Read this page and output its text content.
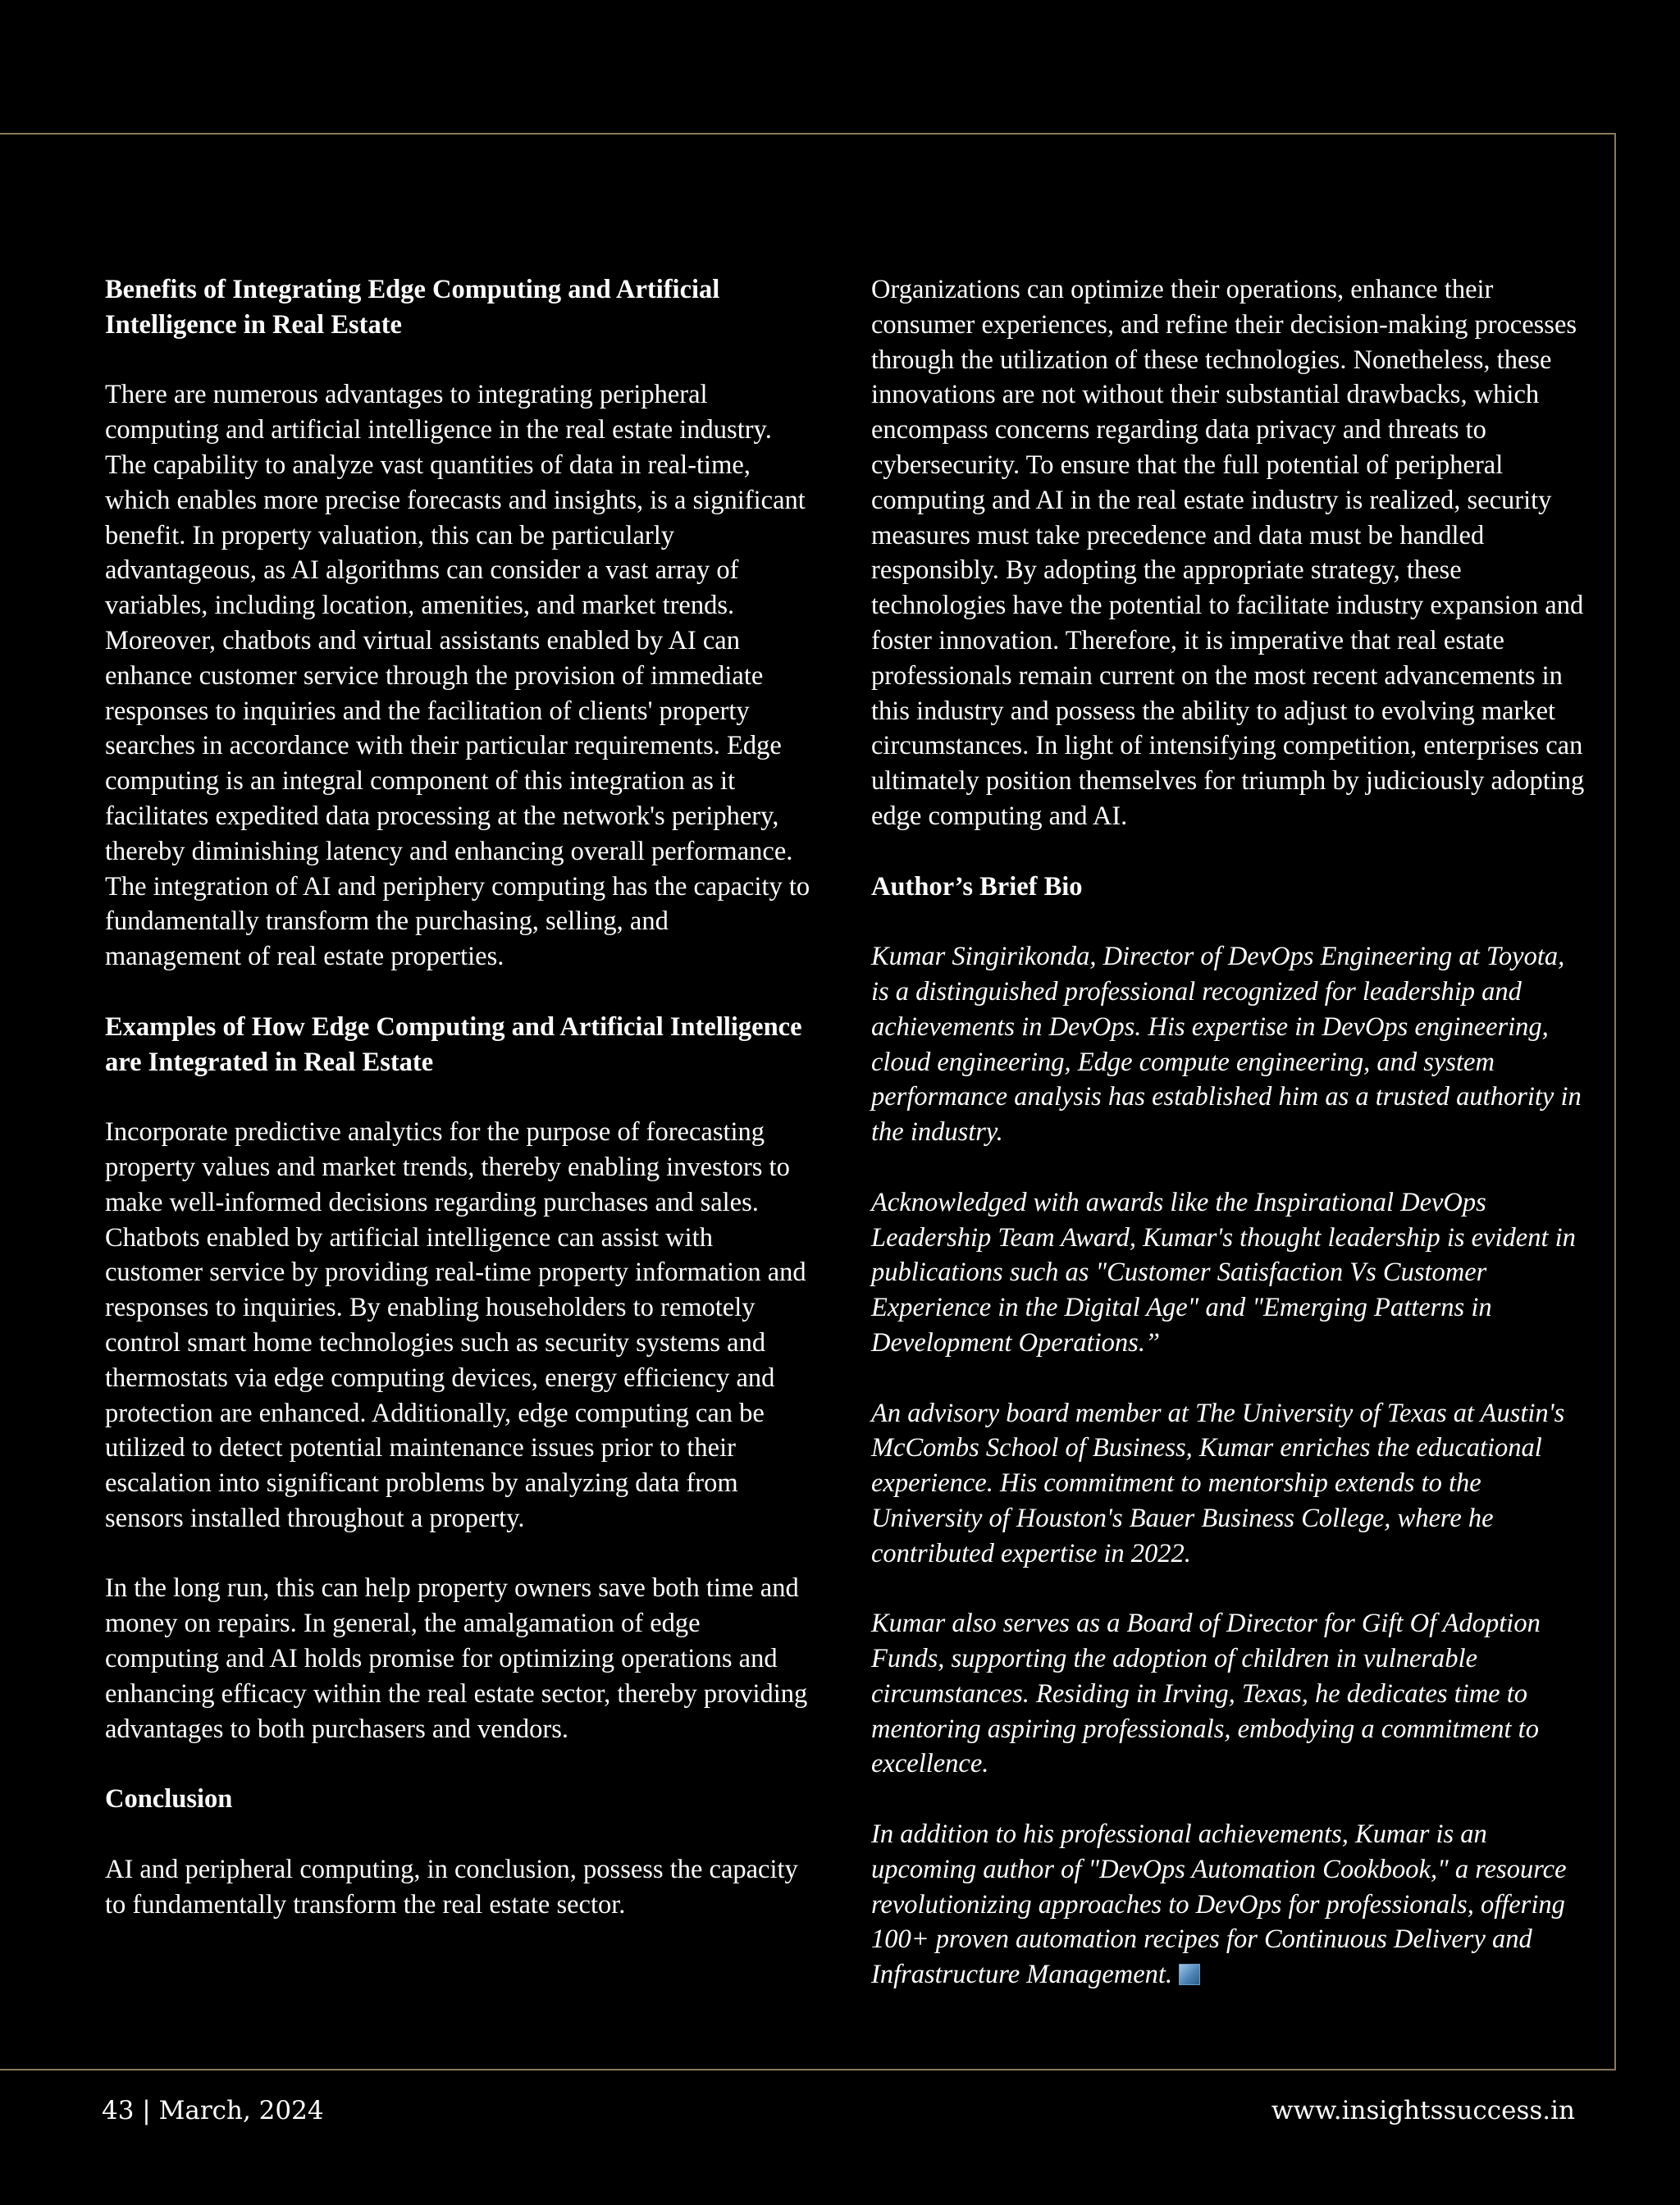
Benefits of Integrating Edge Computing and Artificial Intelligence in Real Estate

There are numerous advantages to integrating peripheral computing and artificial intelligence in the real estate industry. The capability to analyze vast quantities of data in real-time, which enables more precise forecasts and insights, is a significant benefit. In property valuation, this can be particularly advantageous, as AI algorithms can consider a vast array of variables, including location, amenities, and market trends. Moreover, chatbots and virtual assistants enabled by AI can enhance customer service through the provision of immediate responses to inquiries and the facilitation of clients' property searches in accordance with their particular requirements. Edge computing is an integral component of this integration as it facilitates expedited data processing at the network's periphery, thereby diminishing latency and enhancing overall performance. The integration of AI and periphery computing has the capacity to fundamentally transform the purchasing, selling, and management of real estate properties.

Examples of How Edge Computing and Artificial Intelligence are Integrated in Real Estate

Incorporate predictive analytics for the purpose of forecasting property values and market trends, thereby enabling investors to make well-informed decisions regarding purchases and sales. Chatbots enabled by artificial intelligence can assist with customer service by providing real-time property information and responses to inquiries. By enabling householders to remotely control smart home technologies such as security systems and thermostats via edge computing devices, energy efficiency and protection are enhanced. Additionally, edge computing can be utilized to detect potential maintenance issues prior to their escalation into significant problems by analyzing data from sensors installed throughout a property.

In the long run, this can help property owners save both time and money on repairs. In general, the amalgamation of edge computing and AI holds promise for optimizing operations and enhancing efficacy within the real estate sector, thereby providing advantages to both purchasers and vendors.

Conclusion

AI and peripheral computing, in conclusion, possess the capacity to fundamentally transform the real estate sector.

Organizations can optimize their operations, enhance their consumer experiences, and refine their decision-making processes through the utilization of these technologies. Nonetheless, these innovations are not without their substantial drawbacks, which encompass concerns regarding data privacy and threats to cybersecurity. To ensure that the full potential of peripheral computing and AI in the real estate industry is realized, security measures must take precedence and data must be handled responsibly. By adopting the appropriate strategy, these technologies have the potential to facilitate industry expansion and foster innovation. Therefore, it is imperative that real estate professionals remain current on the most recent advancements in this industry and possess the ability to adjust to evolving market circumstances. In light of intensifying competition, enterprises can ultimately position themselves for triumph by judiciously adopting edge computing and AI.

Author’s Brief Bio

Kumar Singirikonda, Director of DevOps Engineering at Toyota, is a distinguished professional recognized for leadership and achievements in DevOps. His expertise in DevOps engineering, cloud engineering, Edge compute engineering, and system performance analysis has established him as a trusted authority in the industry.

Acknowledged with awards like the Inspirational DevOps Leadership Team Award, Kumar's thought leadership is evident in publications such as "Customer Satisfaction Vs Customer Experience in the Digital Age" and "Emerging Patterns in Development Operations.”

An advisory board member at The University of Texas at Austin's McCombs School of Business, Kumar enriches the educational experience. His commitment to mentorship extends to the University of Houston's Bauer Business College, where he contributed expertise in 2022.

Kumar also serves as a Board of Director for Gift Of Adoption Funds, supporting the adoption of children in vulnerable circumstances. Residing in Irving, Texas, he dedicates time to mentoring aspiring professionals, embodying a commitment to excellence.

In addition to his professional achievements, Kumar is an upcoming author of "DevOps Automation Cookbook," a resource revolutionizing approaches to DevOps for professionals, offering 100+ proven automation recipes for Continuous Delivery and Infrastructure Management.

43 | March, 2024	www.insightssuccess.in
